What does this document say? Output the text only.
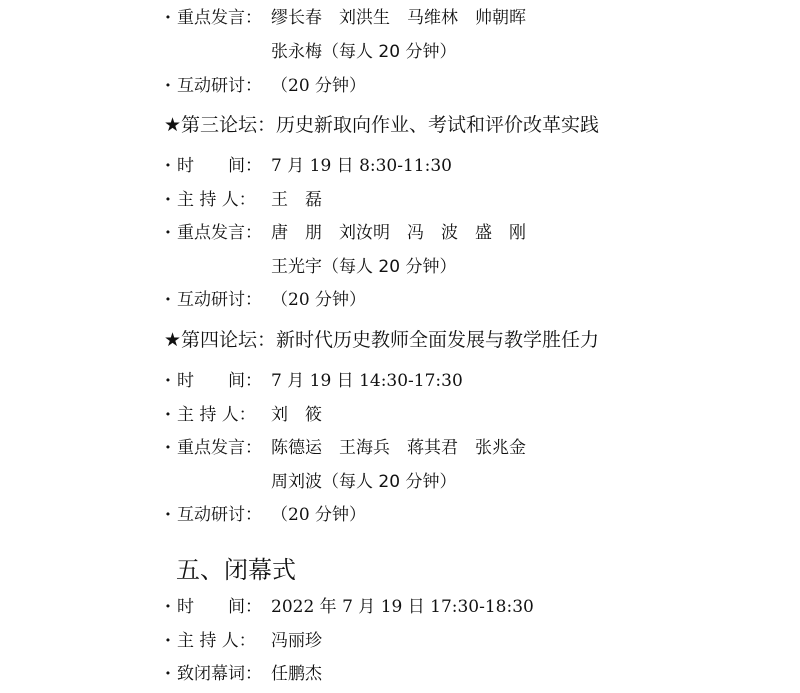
· 重点发言： 缪长春　刘洪生　马维林　帅朝晖
张永梅（每人 20 分钟）
· 互动研讨： （20 分钟）
★第三论坛：历史新取向作业、考试和评价改革实践
· 时　　间： 7 月 19 日 8:30-11:30
· 主 持 人： 王　磊
· 重点发言： 唐　朋　刘汝明　冯　波　盛　刚
王光宇（每人 20 分钟）
· 互动研讨： （20 分钟）
★第四论坛：新时代历史教师全面发展与教学胜任力
· 时　　间： 7 月 19 日 14:30-17:30
· 主 持 人： 刘　筱
· 重点发言： 陈德运　王海兵　蒋其君　张兆金
周刘波（每人 20 分钟）
· 互动研讨： （20 分钟）
五、闭幕式
· 时　　间： 2022 年 7 月 19 日 17:30-18:30
· 主 持 人： 冯丽珍
· 致闭幕词： 任鹏杰
